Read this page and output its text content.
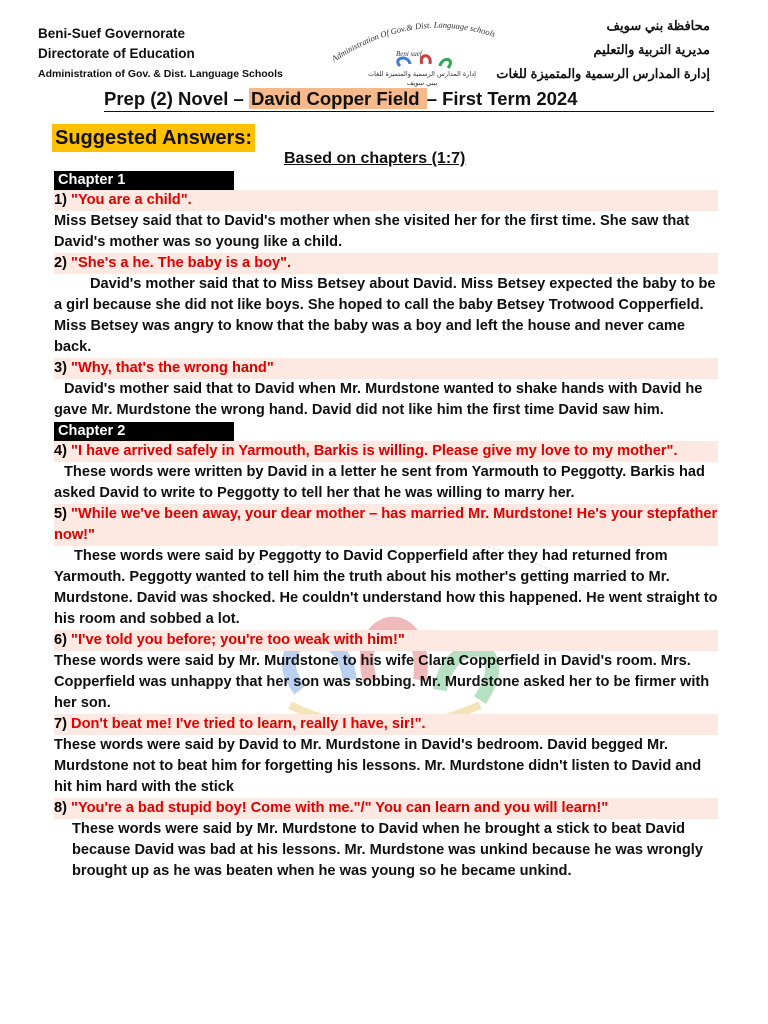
Beni-Suef Governorate
Directorate of Education
Administration of Gov. & Dist. Language Schools
Administration Of Gov.& Dist. Language schools
Beni suef
إدارة المدارس الرسمية والمتميزة للغات
ببني سويف
محافظة بني سويف
مديرية التربية والتعليم
إدارة المدارس الرسمية والمتميزة للغات
Prep (2) Novel – David Copper Field – First Term 2024
Suggested Answers:
Based on chapters (1:7)
Chapter 1
1) "You are a child".
Miss Betsey said that to David's mother when she visited her for the first time. She saw that David's mother was so young like a child.
2) "She's a he. The baby is a boy".
David's mother said that to Miss Betsey about David. Miss Betsey expected the baby to be a girl because she did not like boys. She hoped to call the baby Betsey Trotwood Copperfield. Miss Betsey was angry to know that the baby was a boy and left the house and never came back.
3) "Why, that's the wrong hand"
David's mother said that to David when Mr. Murdstone wanted to shake hands with David he gave Mr. Murdstone the wrong hand. David did not like him the first time David saw him.
Chapter 2
4) "I have arrived safely in Yarmouth, Barkis is willing. Please give my love to my mother".
These words were written by David in a letter he sent from Yarmouth to Peggotty. Barkis had asked David to write to Peggotty to tell her that he was willing to marry her.
5) "While we've been away, your dear mother – has married Mr. Murdstone! He's your stepfather now!"
These words were said by Peggotty to David Copperfield after they had returned from Yarmouth. Peggotty wanted to tell him the truth about his mother's getting married to Mr. Murdstone. David was shocked. He couldn't understand how this happened. He went straight to his room and sobbed a lot.
6) "I've told you before; you're too weak with him!"
These words were said by Mr. Murdstone to his wife Clara Copperfield in David's room. Mrs. Copperfield was unhappy that her son was sobbing. Mr. Murdstone asked her to be firmer with her son.
7) Don't beat me! I've tried to learn, really I have, sir!".
These words were said by David to Mr. Murdstone in David's bedroom. David begged Mr. Murdstone not to beat him for forgetting his lessons. Mr. Murdstone didn't listen to David and hit him hard with the stick
8) "You're a bad stupid boy! Come with me."/" You can learn and you will learn!"
These words were said by Mr. Murdstone to David when he brought a stick to beat David because David was bad at his lessons. Mr. Murdstone was unkind because he was wrongly brought up as he was beaten when he was young so he became unkind.
